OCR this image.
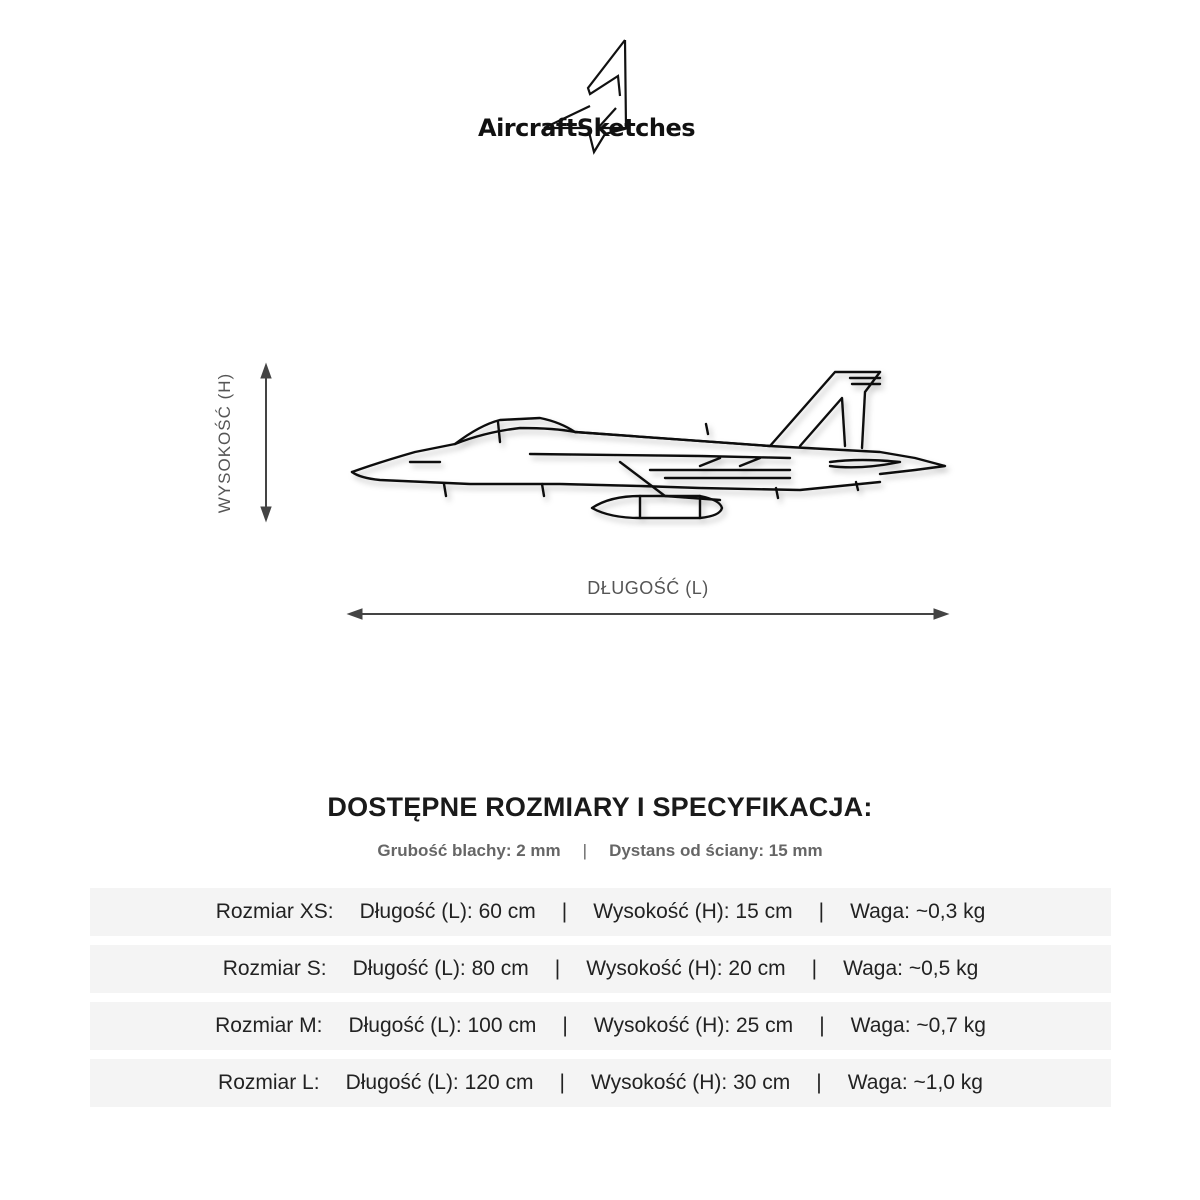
AircraftSketches
WYSOKOŚĆ (H)
DŁUGOŚĆ (L)
DOSTĘPNE ROZMIARY I SPECYFIKACJA:
Grubość blachy: 2 mm | Dystans od ściany: 15 mm
Rozmiar XS:	Długość (L): 60 cm	|	Wysokość (H): 15 cm	|	Waga: ~0,3 kg
Rozmiar S:	Długość (L): 80 cm	|	Wysokość (H): 20 cm	|	Waga: ~0,5 kg
Rozmiar M:	Długość (L): 100 cm	|	Wysokość (H): 25 cm	|	Waga: ~0,7 kg
Rozmiar L:	Długość (L): 120 cm	|	Wysokość (H): 30 cm	|	Waga: ~1,0 kg
